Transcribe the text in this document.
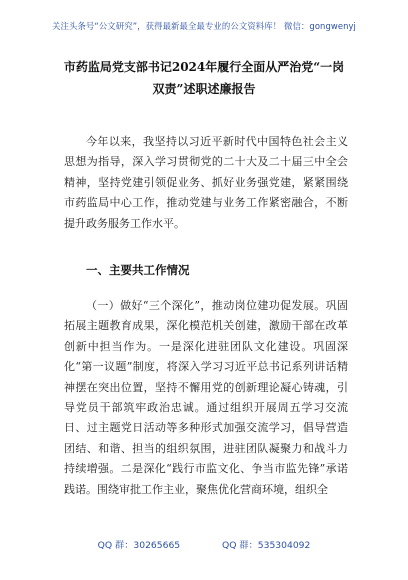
关注头条号“公文研究”，获得最新最全最专业的公文资料库！ 微信：gongwenyj
市药监局党支部书记2024年履行全面从严治党“一岗双责”述职述廉报告

今年以来，我坚持以习近平新时代中国特色社会主义思想为指导，深入学习贯彻党的二十大及二十届三中全会精神，坚持党建引领促业务、抓好业务强党建，紧紧围绕市药监局中心工作，推动党建与业务工作紧密融合，不断提升政务服务工作水平。

一、主要共工作情况

（一）做好“三个深化”，推动岗位建功促发展。巩固拓展主题教育成果，深化模范机关创建，激励干部在改革创新中担当作为。一是深化进驻团队文化建设。巩固深化“第一议题”制度，将深入学习习近平总书记系列讲话精神摆在突出位置，坚持不懈用党的创新理论凝心铸魂，引导党员干部筑牢政治忠诚。通过组织开展周五学习交流日、过主题党日活动等多种形式加强交流学习，倡导营造团结、和谐、担当的组织氛围，进驻团队凝聚力和战斗力持续增强。二是深化“践行市监文化、争当市监先锋”承诺践诺。围绕审批工作主业，聚焦优化营商环境，组织全

QQ 群：30265665	QQ 群：535304092
